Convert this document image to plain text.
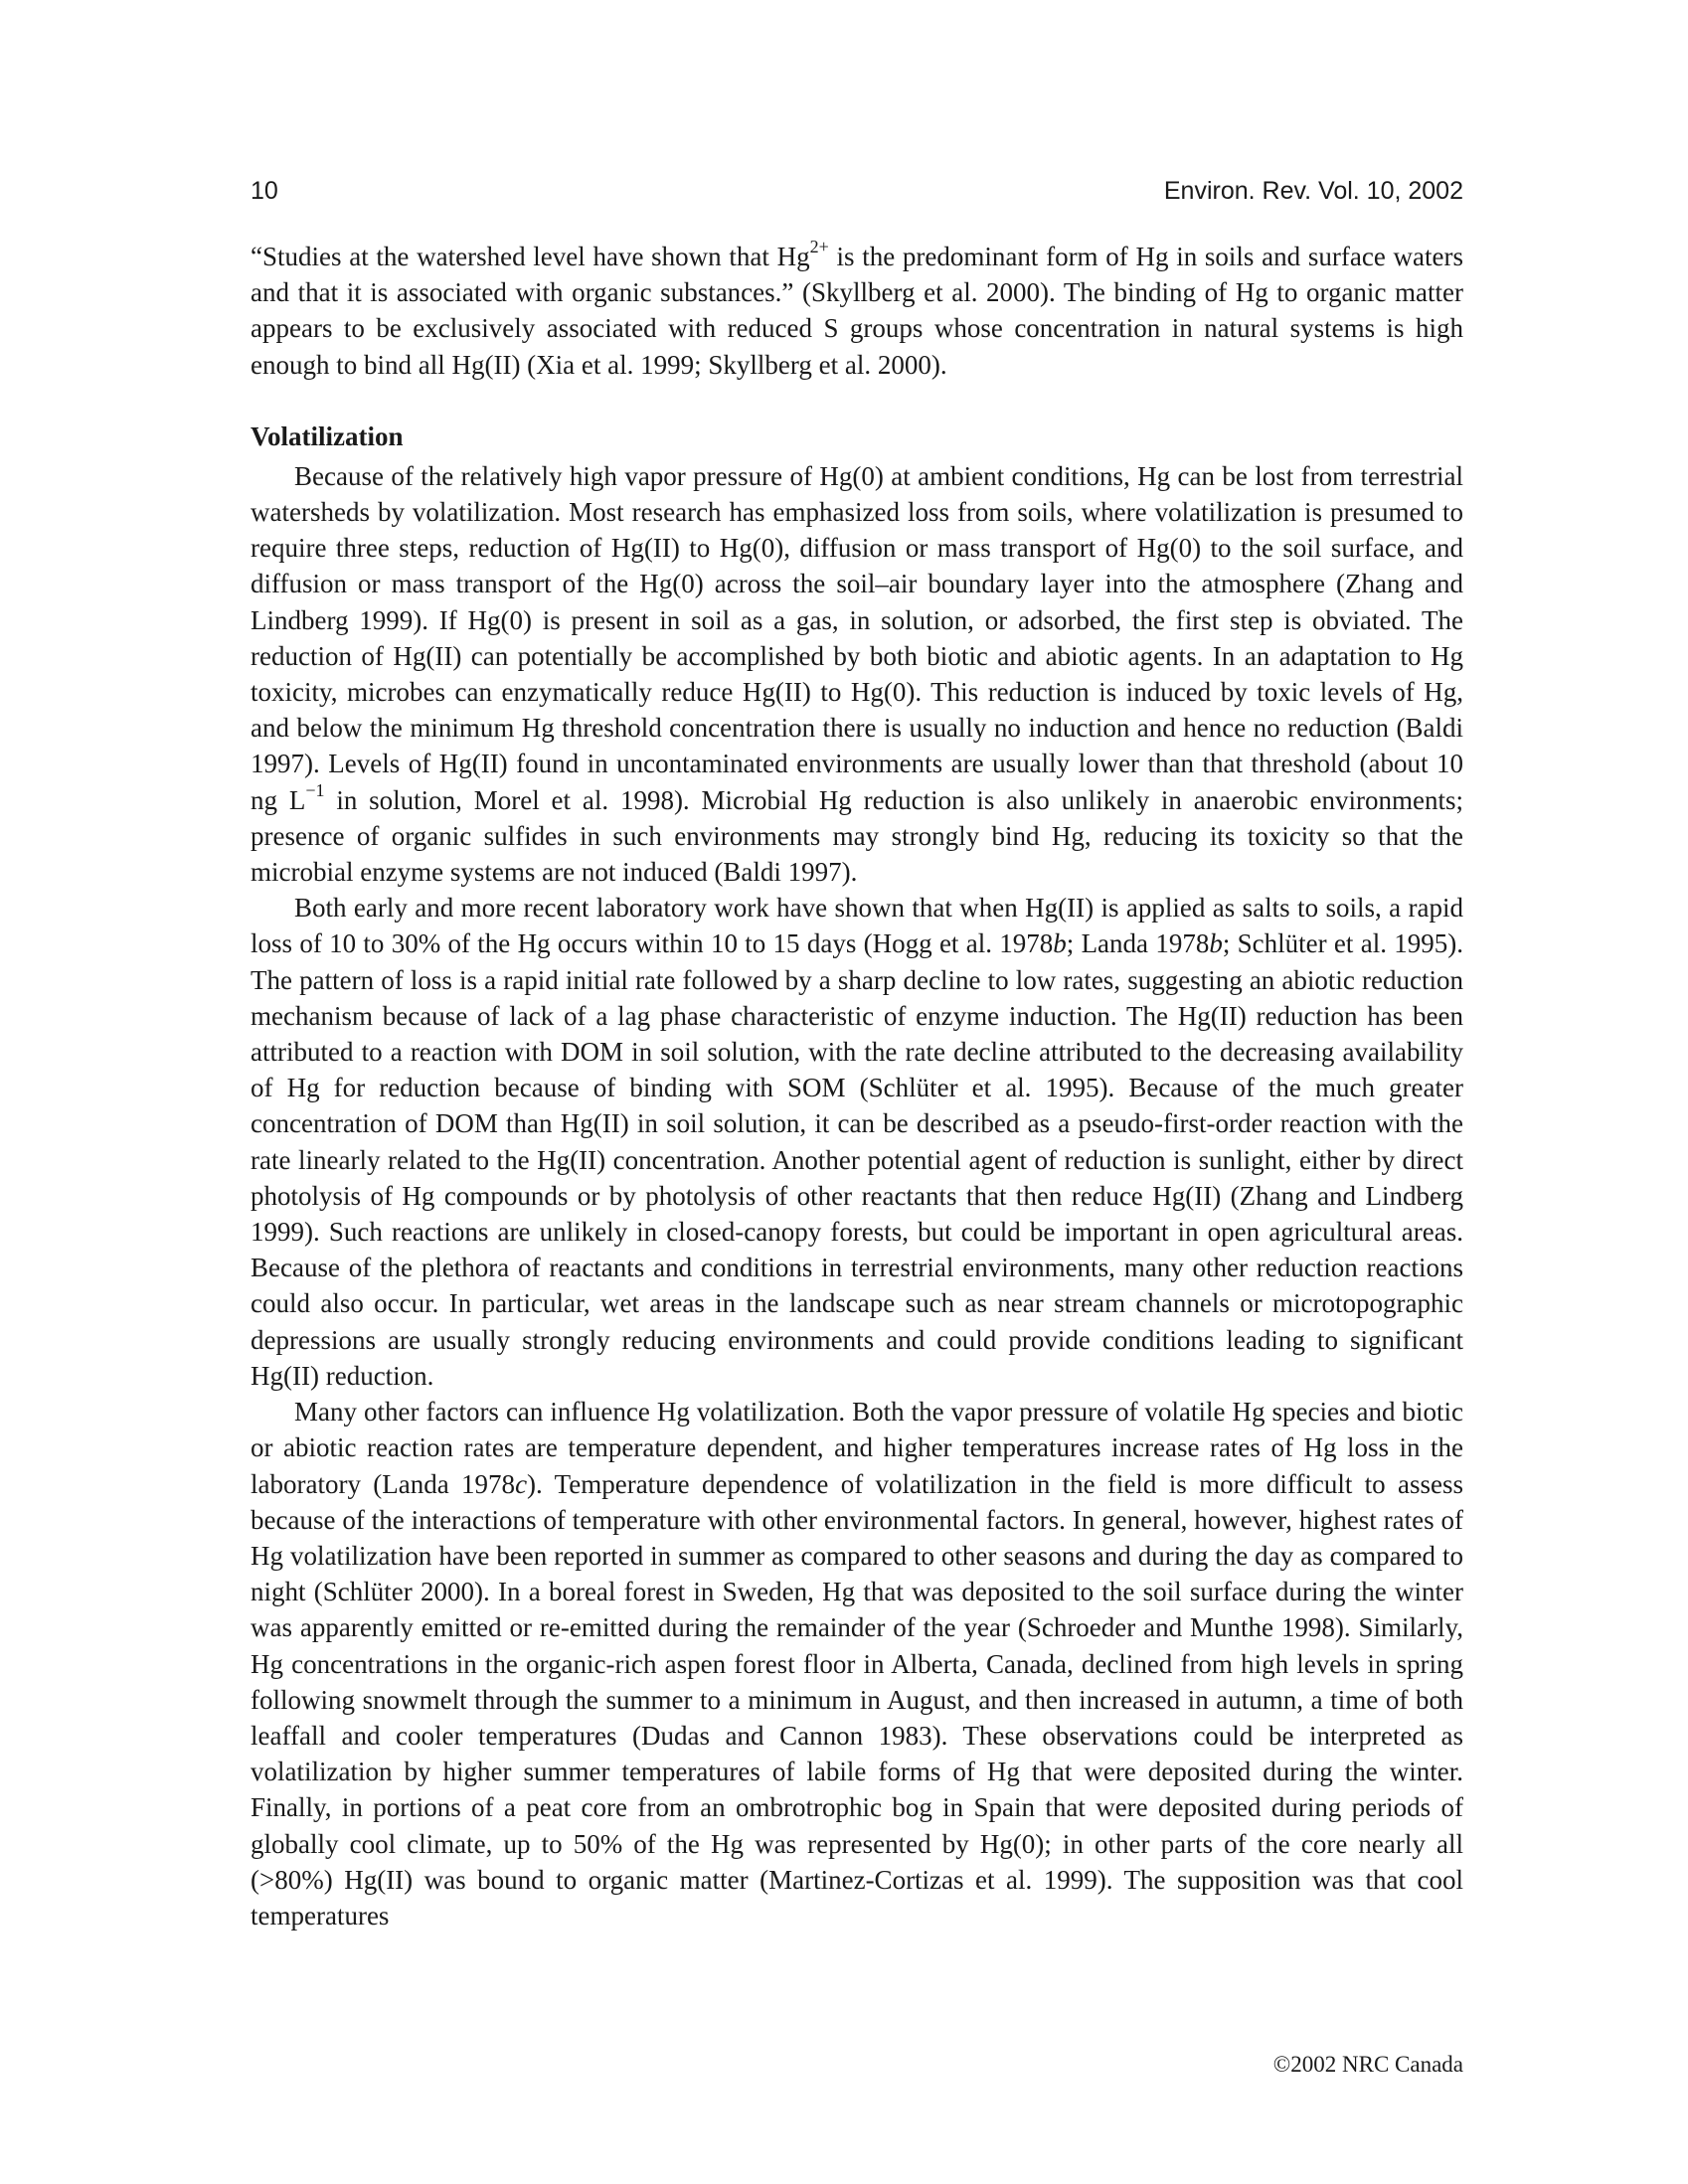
10	Environ. Rev. Vol. 10, 2002

“Studies at the watershed level have shown that $Hg^{2+}$ is the predominant form of Hg in soils and surface waters and that it is associated with organic substances.” (Skyllberg et al. 2000). The binding of Hg to organic matter appears to be exclusively associated with reduced S groups whose concentration in natural systems is high enough to bind all Hg(II) (Xia et al. 1999; Skyllberg et al. 2000).

Volatilization

Because of the relatively high vapor pressure of Hg(0) at ambient conditions, Hg can be lost from terrestrial watersheds by volatilization. Most research has emphasized loss from soils, where volatilization is presumed to require three steps, reduction of Hg(II) to Hg(0), diffusion or mass transport of Hg(0) to the soil surface, and diffusion or mass transport of the Hg(0) across the soil–air boundary layer into the atmosphere (Zhang and Lindberg 1999). If Hg(0) is present in soil as a gas, in solution, or adsorbed, the first step is obviated. The reduction of Hg(II) can potentially be accomplished by both biotic and abiotic agents. In an adaptation to Hg toxicity, microbes can enzymatically reduce Hg(II) to Hg(0). This reduction is induced by toxic levels of Hg, and below the minimum Hg threshold concentration there is usually no induction and hence no reduction (Baldi 1997). Levels of Hg(II) found in uncontaminated environments are usually lower than that threshold (about 10 ng $L^{-1}$ in solution, Morel et al. 1998). Microbial Hg reduction is also unlikely in anaerobic environments; presence of organic sulfides in such environments may strongly bind Hg, reducing its toxicity so that the microbial enzyme systems are not induced (Baldi 1997).

Both early and more recent laboratory work have shown that when Hg(II) is applied as salts to soils, a rapid loss of 10 to 30% of the Hg occurs within 10 to 15 days (Hogg et al. 1978b; Landa 1978b; Schlüter et al. 1995). The pattern of loss is a rapid initial rate followed by a sharp decline to low rates, suggesting an abiotic reduction mechanism because of lack of a lag phase characteristic of enzyme induction. The Hg(II) reduction has been attributed to a reaction with DOM in soil solution, with the rate decline attributed to the decreasing availability of Hg for reduction because of binding with SOM (Schlüter et al. 1995). Because of the much greater concentration of DOM than Hg(II) in soil solution, it can be described as a pseudo-first-order reaction with the rate linearly related to the Hg(II) concentration. Another potential agent of reduction is sunlight, either by direct photolysis of Hg compounds or by photolysis of other reactants that then reduce Hg(II) (Zhang and Lindberg 1999). Such reactions are unlikely in closed-canopy forests, but could be important in open agricultural areas. Because of the plethora of reactants and conditions in terrestrial environments, many other reduction reactions could also occur. In particular, wet areas in the landscape such as near stream channels or microtopographic depressions are usually strongly reducing environments and could provide conditions leading to significant Hg(II) reduction.

Many other factors can influence Hg volatilization. Both the vapor pressure of volatile Hg species and biotic or abiotic reaction rates are temperature dependent, and higher temperatures increase rates of Hg loss in the laboratory (Landa 1978c). Temperature dependence of volatilization in the field is more difficult to assess because of the interactions of temperature with other environmental factors. In general, however, highest rates of Hg volatilization have been reported in summer as compared to other seasons and during the day as compared to night (Schlüter 2000). In a boreal forest in Sweden, Hg that was deposited to the soil surface during the winter was apparently emitted or re-emitted during the remainder of the year (Schroeder and Munthe 1998). Similarly, Hg concentrations in the organic-rich aspen forest floor in Alberta, Canada, declined from high levels in spring following snowmelt through the summer to a minimum in August, and then increased in autumn, a time of both leaffall and cooler temperatures (Dudas and Cannon 1983). These observations could be interpreted as volatilization by higher summer temperatures of labile forms of Hg that were deposited during the winter. Finally, in portions of a peat core from an ombrotrophic bog in Spain that were deposited during periods of globally cool climate, up to 50% of the Hg was represented by Hg(0); in other parts of the core nearly all (>80%) Hg(II) was bound to organic matter (Martinez-Cortizas et al. 1999). The supposition was that cool temperatures

©2002 NRC Canada
